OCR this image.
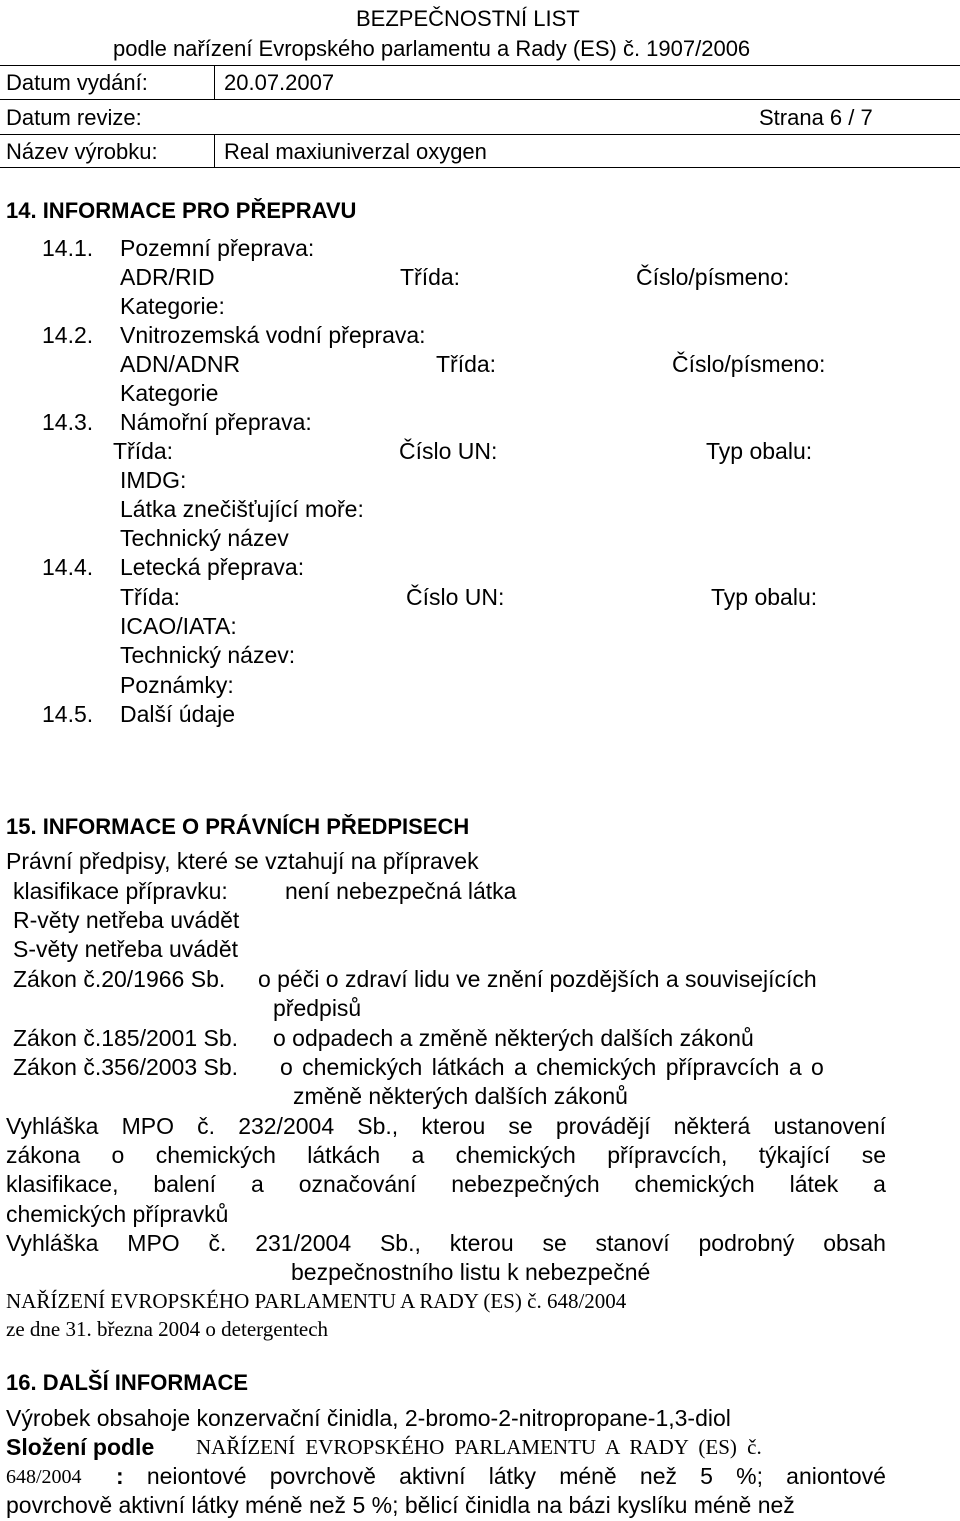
BEZPEČNOSTNÍ LIST
podle nařízení Evropského parlamentu a Rady (ES) č. 1907/2006
Datum vydání:	20.07.2007
Datum revize:	Strana 6 / 7
Název výrobku:	Real maxiuniverzal oxygen
14. INFORMACE PRO PŘEPRAVU
14.1. Pozemní přeprava:
ADR/RID	Třída:	Číslo/písmeno:
Kategorie:
14.2. Vnitrozemská vodní přeprava:
ADN/ADNR	Třída:	Číslo/písmeno:
Kategorie
14.3. Námořní přeprava:
Třída:	Číslo UN:	Typ obalu:
IMDG:
Látka znečišťující moře:
Technický název
14.4. Letecká přeprava:
Třída:	Číslo UN:	Typ obalu:
ICAO/IATA:
Technický název:
Poznámky:
14.5. Další údaje
15. INFORMACE O PRÁVNÍCH PŘEDPISECH
Právní předpisy, které se vztahují na přípravek
klasifikace přípravku: není nebezpečná látka
R-věty netřeba uvádět
S-věty netřeba uvádět
Zákon č.20/1966 Sb. o péči o zdraví lidu ve znění pozdějších a souvisejících
předpisů
Zákon č.185/2001 Sb. o odpadech a změně některých dalších zákonů
Zákon č.356/2003 Sb. o chemických látkách a chemických přípravcích a o
změně některých dalších zákonů
Vyhláška MPO č. 232/2004 Sb., kterou se provádějí některá ustanovení
zákona o chemických látkách a chemických přípravcích, týkající se
klasifikace, balení a označování nebezpečných chemických látek a
chemických přípravků
Vyhláška MPO č. 231/2004 Sb., kterou se stanoví podrobný obsah
bezpečnostního listu k nebezpečné
NAŘÍZENÍ EVROPSKÉHO PARLAMENTU A RADY (ES) č. 648/2004
ze dne 31. března 2004 o detergentech
16. DALŠÍ INFORMACE
Výrobek obsahoje konzervační činidla, 2-bromo-2-nitropropane-1,3-diol
Složení podle NAŘÍZENÍ EVROPSKÉHO PARLAMENTU A RADY (ES) č.
648/2004 : neiontové povrchově aktivní látky méně než 5 %; aniontové
povrchově aktivní látky méně než 5 %; bělicí činidla na bázi kyslíku méně než
